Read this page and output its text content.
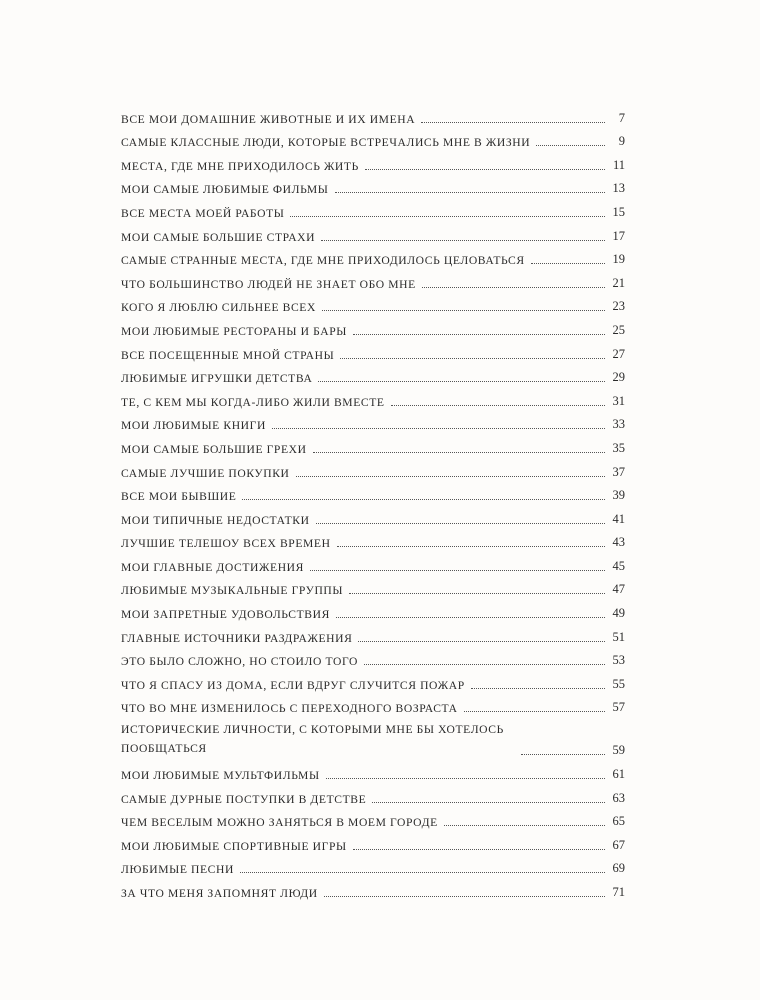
ВСЕ МОИ ДОМАШНИЕ ЖИВОТНЫЕ И ИХ ИМЕНА	7
САМЫЕ КЛАССНЫЕ ЛЮДИ, КОТОРЫЕ ВСТРЕЧАЛИСЬ МНЕ В ЖИЗНИ	9
МЕСТА, ГДЕ МНЕ ПРИХОДИЛОСЬ ЖИТЬ	11
МОИ САМЫЕ ЛЮБИМЫЕ ФИЛЬМЫ	13
ВСЕ МЕСТА МОЕЙ РАБОТЫ	15
МОИ САМЫЕ БОЛЬШИЕ СТРАХИ	17
САМЫЕ СТРАННЫЕ МЕСТА, ГДЕ МНЕ ПРИХОДИЛОСЬ ЦЕЛОВАТЬСЯ	19
ЧТО БОЛЬШИНСТВО ЛЮДЕЙ НЕ ЗНАЕТ ОБО МНЕ	21
КОГО Я ЛЮБЛЮ СИЛЬНЕЕ ВСЕХ	23
МОИ ЛЮБИМЫЕ РЕСТОРАНЫ И БАРЫ	25
ВСЕ ПОСЕЩЕННЫЕ МНОЙ СТРАНЫ	27
ЛЮБИМЫЕ ИГРУШКИ ДЕТСТВА	29
ТЕ, С КЕМ МЫ КОГДА-ЛИБО ЖИЛИ ВМЕСТЕ	31
МОИ ЛЮБИМЫЕ КНИГИ	33
МОИ САМЫЕ БОЛЬШИЕ ГРЕХИ	35
САМЫЕ ЛУЧШИЕ ПОКУПКИ	37
ВСЕ МОИ БЫВШИЕ	39
МОИ ТИПИЧНЫЕ НЕДОСТАТКИ	41
ЛУЧШИЕ ТЕЛЕШОУ ВСЕХ ВРЕМЕН	43
МОИ ГЛАВНЫЕ ДОСТИЖЕНИЯ	45
ЛЮБИМЫЕ МУЗЫКАЛЬНЫЕ ГРУППЫ	47
МОИ ЗАПРЕТНЫЕ УДОВОЛЬСТВИЯ	49
ГЛАВНЫЕ ИСТОЧНИКИ РАЗДРАЖЕНИЯ	51
ЭТО БЫЛО СЛОЖНО, НО СТОИЛО ТОГО	53
ЧТО Я СПАСУ ИЗ ДОМА, ЕСЛИ ВДРУГ СЛУЧИТСЯ ПОЖАР	55
ЧТО ВО МНЕ ИЗМЕНИЛОСЬ С ПЕРЕХОДНОГО ВОЗРАСТА	57
ИСТОРИЧЕСКИЕ ЛИЧНОСТИ, С КОТОРЫМИ МНЕ БЫ ХОТЕЛОСЬ ПООБЩАТЬСЯ	59
МОИ ЛЮБИМЫЕ МУЛЬТФИЛЬМЫ	61
САМЫЕ ДУРНЫЕ ПОСТУПКИ В ДЕТСТВЕ	63
ЧЕМ ВЕСЕЛЫМ МОЖНО ЗАНЯТЬСЯ В МОЕМ ГОРОДЕ	65
МОИ ЛЮБИМЫЕ СПОРТИВНЫЕ ИГРЫ	67
ЛЮБИМЫЕ ПЕСНИ	69
ЗА ЧТО МЕНЯ ЗАПОМНЯТ ЛЮДИ	71
